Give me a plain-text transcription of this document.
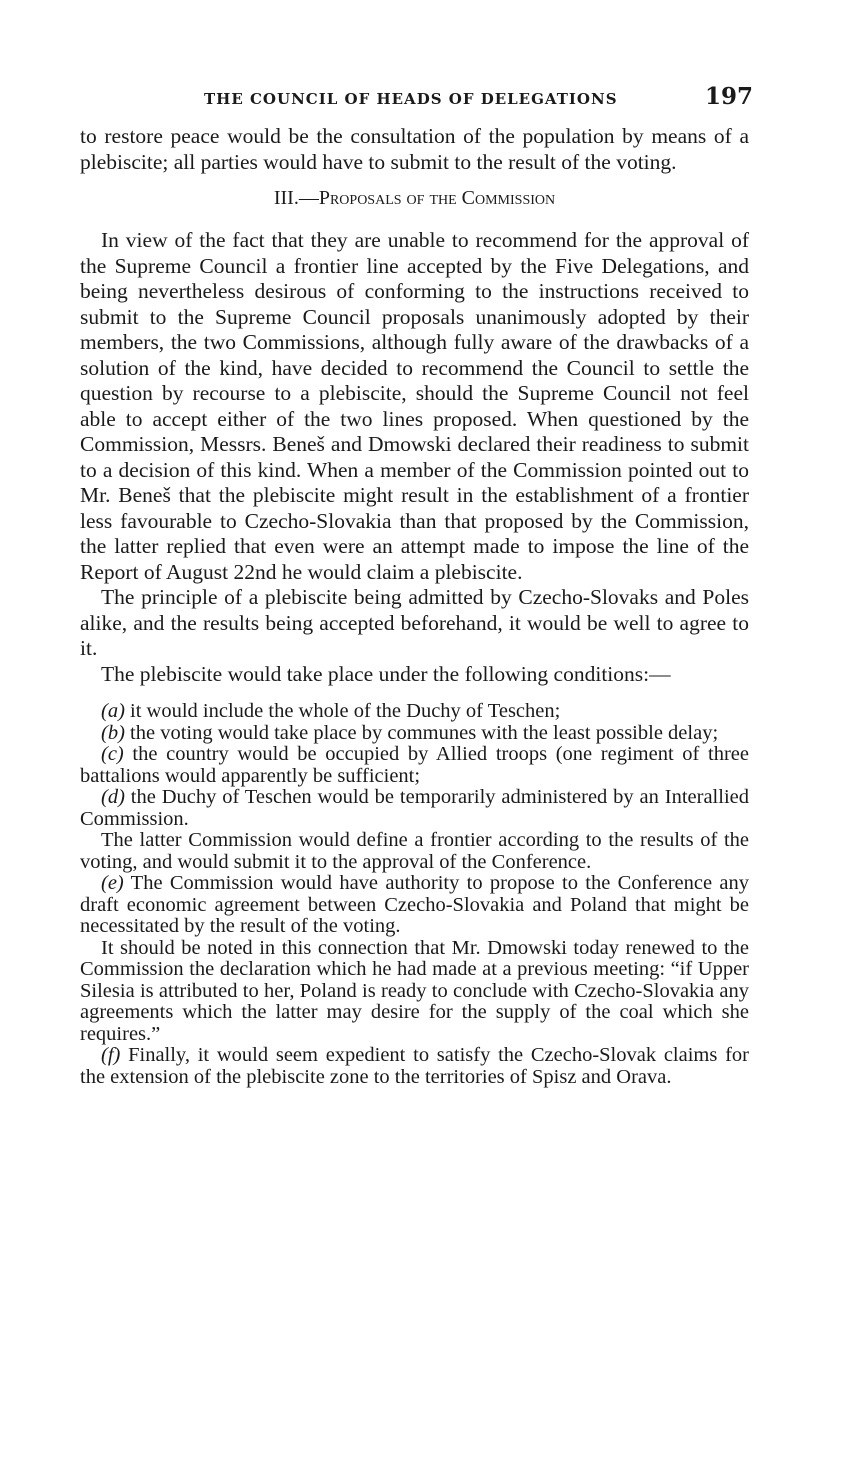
THE COUNCIL OF HEADS OF DELEGATIONS	197

to restore peace would be the consultation of the population by means of a plebiscite; all parties would have to submit to the result of the voting.

III.—Proposals of the Commission

In view of the fact that they are unable to recommend for the approval of the Supreme Council a frontier line accepted by the Five Delegations, and being nevertheless desirous of conforming to the instructions received to submit to the Supreme Council proposals unanimously adopted by their members, the two Commissions, although fully aware of the drawbacks of a solution of the kind, have decided to recommend the Council to settle the question by recourse to a plebiscite, should the Supreme Council not feel able to accept either of the two lines proposed. When questioned by the Commission, Messrs. Beneš and Dmowski declared their readiness to submit to a decision of this kind. When a member of the Commission pointed out to Mr. Beneš that the plebiscite might result in the establishment of a frontier less favourable to Czecho-Slovakia than that proposed by the Commission, the latter replied that even were an attempt made to impose the line of the Report of August 22nd he would claim a plebiscite.

The principle of a plebiscite being admitted by Czecho-Slovaks and Poles alike, and the results being accepted beforehand, it would be well to agree to it.

The plebiscite would take place under the following conditions:—

(a) it would include the whole of the Duchy of Teschen;

(b) the voting would take place by communes with the least possible delay;

(c) the country would be occupied by Allied troops (one regiment of three battalions would apparently be sufficient;

(d) the Duchy of Teschen would be temporarily administered by an Interallied Commission.

The latter Commission would define a frontier according to the results of the voting, and would submit it to the approval of the Conference.

(e) The Commission would have authority to propose to the Conference any draft economic agreement between Czecho-Slovakia and Poland that might be necessitated by the result of the voting.

It should be noted in this connection that Mr. Dmowski today renewed to the Commission the declaration which he had made at a previous meeting: “if Upper Silesia is attributed to her, Poland is ready to conclude with Czecho-Slovakia any agreements which the latter may desire for the supply of the coal which she requires.”

(f) Finally, it would seem expedient to satisfy the Czecho-Slovak claims for the extension of the plebiscite zone to the territories of Spisz and Orava.
